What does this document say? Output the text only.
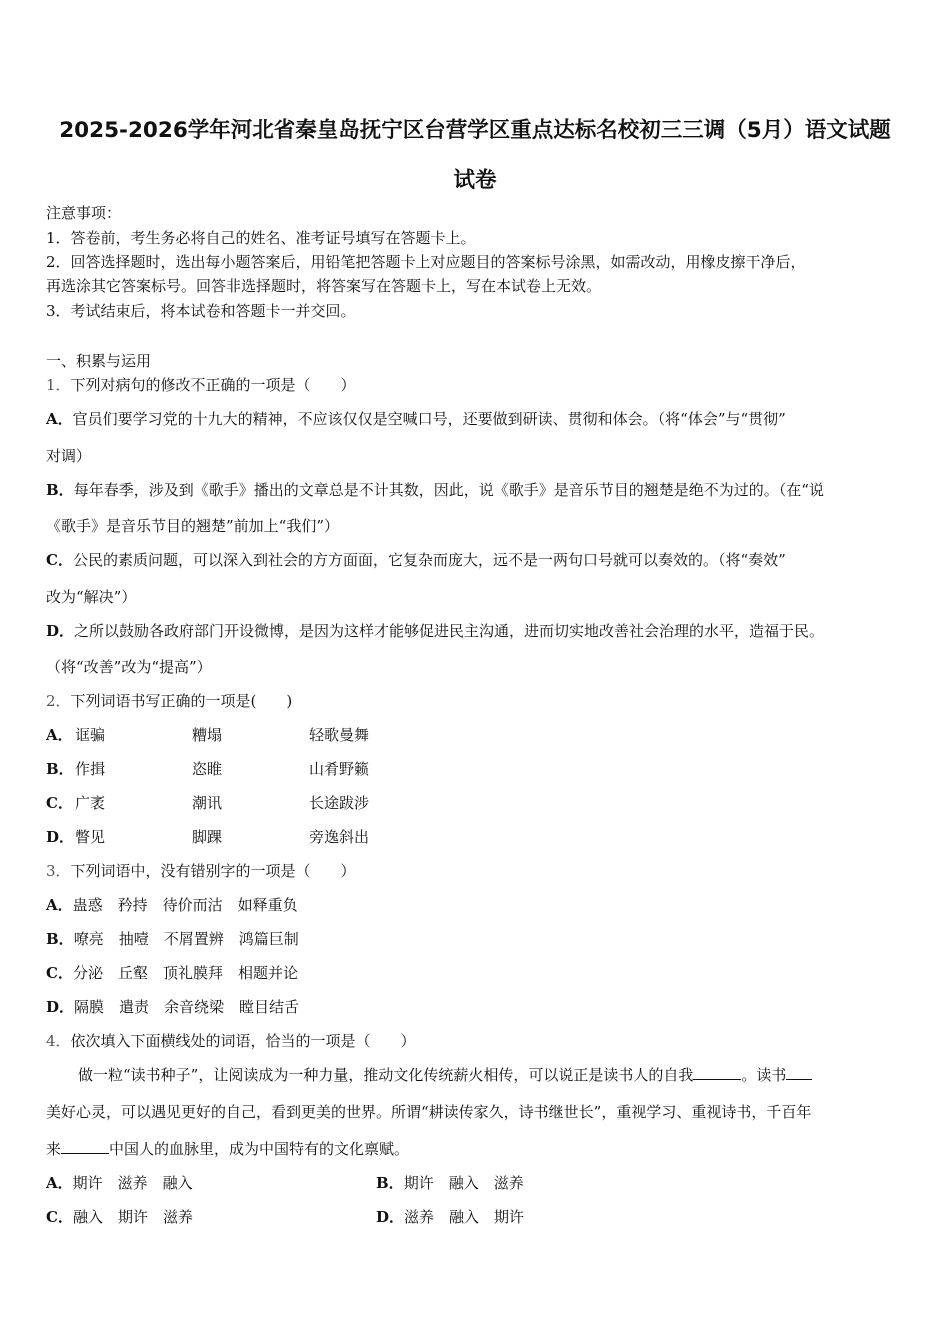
2025-2026学年河北省秦皇岛抚宁区台营学区重点达标名校初三三调（5月）语文试题
试卷
注意事项：
1．答卷前，考生务必将自己的姓名、准考证号填写在答题卡上。
2．回答选择题时，选出每小题答案后，用铅笔把答题卡上对应题目的答案标号涂黑，如需改动，用橡皮擦干净后，
再选涂其它答案标号。回答非选择题时，将答案写在答题卡上，写在本试卷上无效。
3．考试结束后，将本试卷和答题卡一并交回。
一、积累与运用
1．下列对病句的修改不正确的一项是（　　）
A．官员们要学习党的十九大的精神，不应该仅仅是空喊口号，还要做到研读、贯彻和体会。（将“体会”与“贯彻”
对调）
B．每年春季，涉及到《歌手》播出的文章总是不计其数，因此，说《歌手》是音乐节目的翘楚是绝不为过的。（在“说
《歌手》是音乐节目的翘楚”前加上“我们”）
C．公民的素质问题，可以深入到社会的方方面面，它复杂而庞大，远不是一两句口号就可以奏效的。（将“奏效”
改为“解决”）
D．之所以鼓励各政府部门开设微博，是因为这样才能够促进民主沟通，进而切实地改善社会治理的水平，造福于民。
（将“改善”改为“提高”）
2．下列词语书写正确的一项是(　　)
A． 诓骗	糟塌	轻歌曼舞
B． 作揖	恣睢	山肴野籁
C． 广袤	潮讯	长途跋涉
D． 瞥见	脚踝	旁逸斜出
3．下列词语中，没有错别字的一项是（　　）
A．蛊惑　矜持　待价而沽　如释重负
B．嘹亮　抽噎　不屑置辨　鸿篇巨制
C．分泌　丘壑　顶礼膜拜　相题并论
D．隔膜　遣责　余音绕梁　瞠目结舌
4．依次填入下面横线处的词语，恰当的一项是（　　）
做一粒“读书种子”，让阅读成为一种力量，推动文化传统薪火相传，可以说正是读书人的自我	。读书
美好心灵，可以遇见更好的自己，看到更美的世界。所谓“耕读传家久，诗书继世长”，重视学习、重视诗书，千百年
来	中国人的血脉里，成为中国特有的文化禀赋。
A．期许　滋养　融入	B．期许　融入　滋养
C．融入　期许　滋养	D．滋养　融入　期许
